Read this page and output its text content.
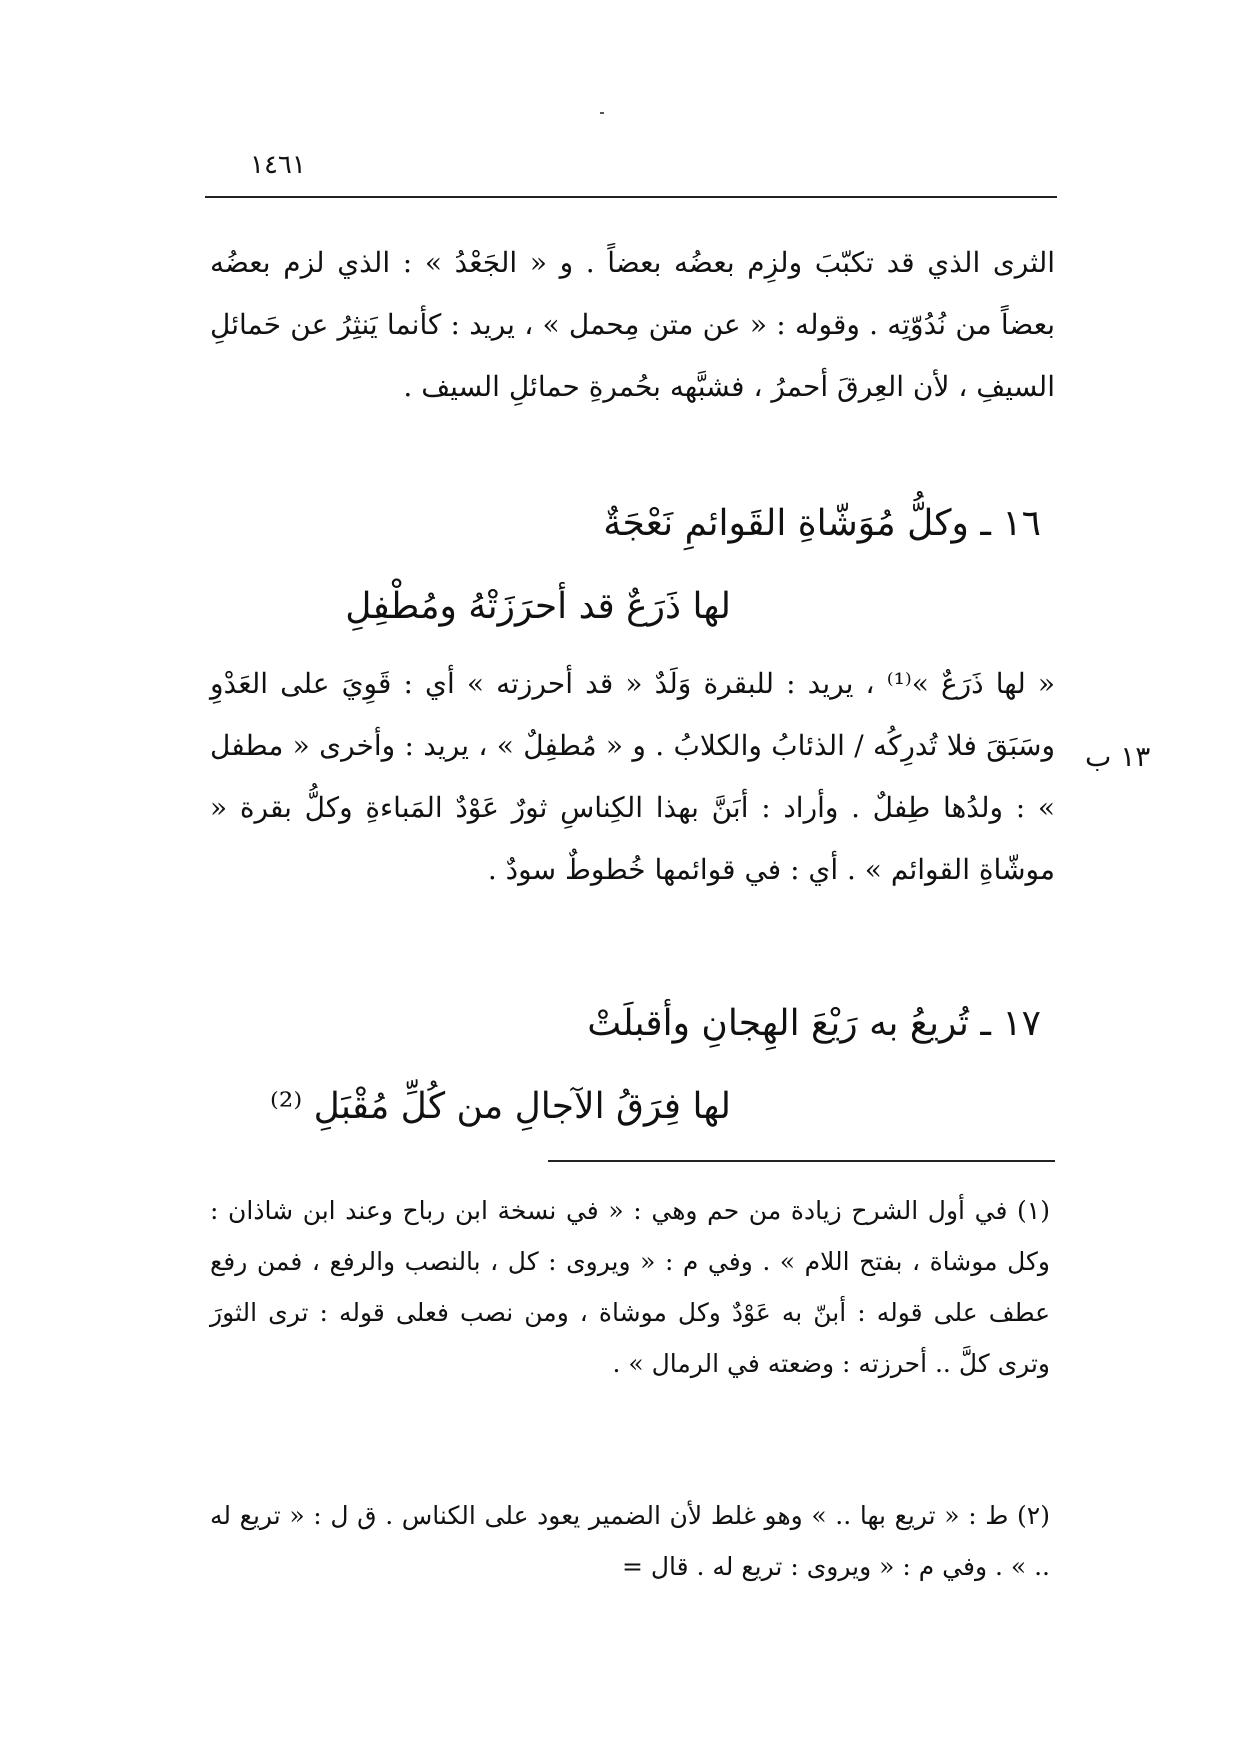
١٤٦١
الثرى الذي قد تكبّبَ ولزِم بعضُه بعضاً . و « الجَعْدُ » : الذي لزم بعضُه بعضاً من نُدُوّتِه . وقوله : « عن متن مِحمل » ، يريد : كأنما يَنثِرُ عن حَمائلِ السيفِ ، لأن العِرقَ أحمرُ ، فشبَّهه بحُمرةِ حمائلِ السيف .
١٦ ـ وكلُّ مُوَشّاةِ القَوائمِ نَعْجَةٌ
لها ذَرَعٌ قد أحرَزَتْهُ ومُطْفِلِ
« لها ذَرَعٌ »⁽¹⁾ ، يريد : للبقرة وَلَدٌ « قد أحرزته » أي : قَوِيَ على العَدْوِ وسَبَقَ فلا تُدرِكُه / الذئابُ والكلابُ . و « مُطفِلٌ » ، يريد : وأخرى « مطفل » : ولدُها طِفلٌ . وأراد : أبَنَّ بهذا الكِناسِ ثورٌ عَوْدٌ المَباءةِ وكلُّ بقرة « موشّاةِ القوائم » . أي : في قوائمها خُطوطٌ سودٌ .
١٣ ب
١٧ ـ تُريعُ به رَيْعَ الهِجانِ وأقبلَتْ
لها فِرَقُ الآجالِ من كُلِّ مُقْبَلِ ⁽²⁾
(١) في أول الشرح زيادة من حم وهي : « في نسخة ابن رباح وعند ابن شاذان : وكل موشاة ، بفتح اللام » . وفي م : « ويروى : كل ، بالنصب والرفع ، فمن رفع عطف على قوله : أبنّ به عَوْدٌ وكل موشاة ، ومن نصب فعلى قوله : ترى الثورَ وترى كلَّ .. أحرزته : وضعته في الرمال » .
(٢) ط : « تريع بها .. » وهو غلط لأن الضمير يعود على الكناس . ق ل : « تريع له .. » . وفي م : « ويروى : تريع له . قال =
